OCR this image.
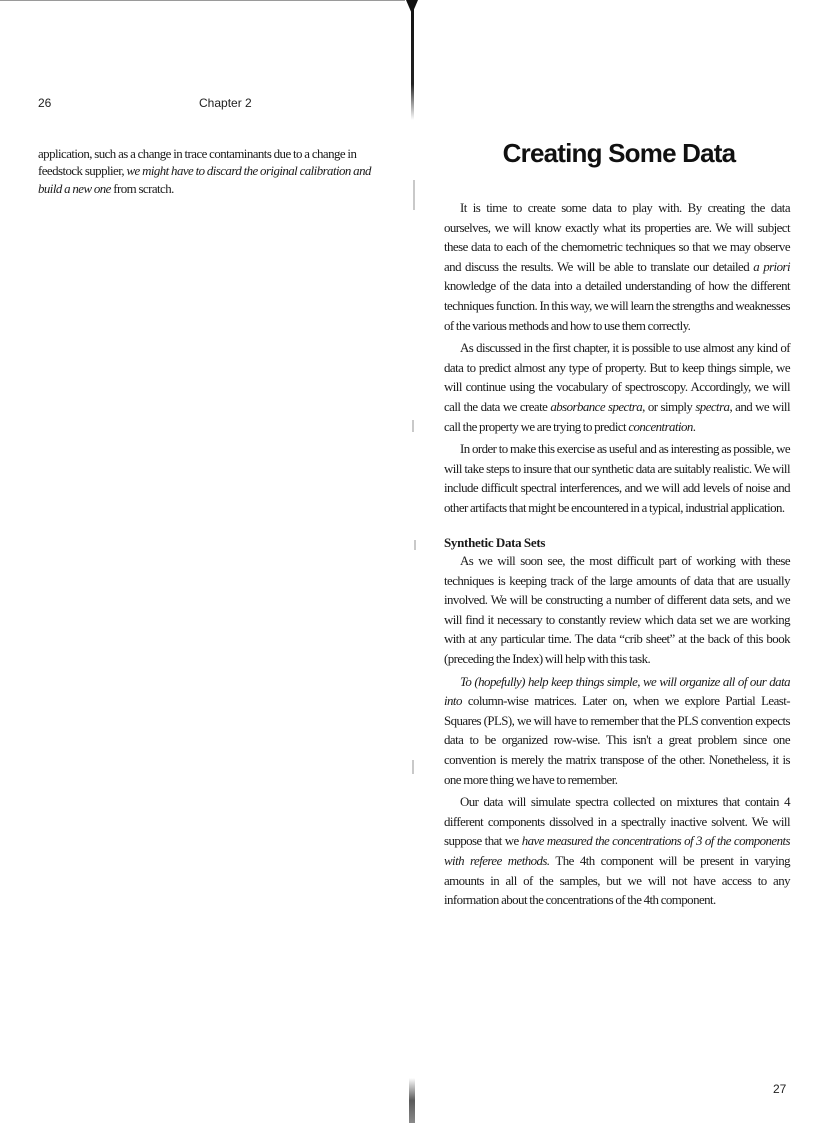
26	Chapter 2
application, such as a change in trace contaminants due to a change in feedstock supplier, we might have to discard the original calibration and build a new one from scratch.
Creating Some Data

It is time to create some data to play with. By creating the data ourselves, we will know exactly what its properties are. We will subject these data to each of the chemometric techniques so that we may observe and discuss the results. We will be able to translate our detailed a priori knowledge of the data into a detailed understanding of how the different techniques function. In this way, we will learn the strengths and weaknesses of the various methods and how to use them correctly.

As discussed in the first chapter, it is possible to use almost any kind of data to predict almost any type of property. But to keep things simple, we will continue using the vocabulary of spectroscopy. Accordingly, we will call the data we create absorbance spectra, or simply spectra, and we will call the property we are trying to predict concentration.

In order to make this exercise as useful and as interesting as possible, we will take steps to insure that our synthetic data are suitably realistic. We will include difficult spectral interferences, and we will add levels of noise and other artifacts that might be encountered in a typical, industrial application.

Synthetic Data Sets

As we will soon see, the most difficult part of working with these techniques is keeping track of the large amounts of data that are usually involved. We will be constructing a number of different data sets, and we will find it necessary to constantly review which data set we are working with at any particular time. The data “crib sheet” at the back of this book (preceding the Index) will help with this task.

To (hopefully) help keep things simple, we will organize all of our data into column-wise matrices. Later on, when we explore Partial Least-Squares (PLS), we will have to remember that the PLS convention expects data to be organized row-wise. This isn't a great problem since one convention is merely the matrix transpose of the other. Nonetheless, it is one more thing we have to remember.

Our data will simulate spectra collected on mixtures that contain 4 different components dissolved in a spectrally inactive solvent. We will suppose that we have measured the concentrations of 3 of the components with referee methods. The 4th component will be present in varying amounts in all of the samples, but we will not have access to any information about the concentrations of the 4th component.

27
